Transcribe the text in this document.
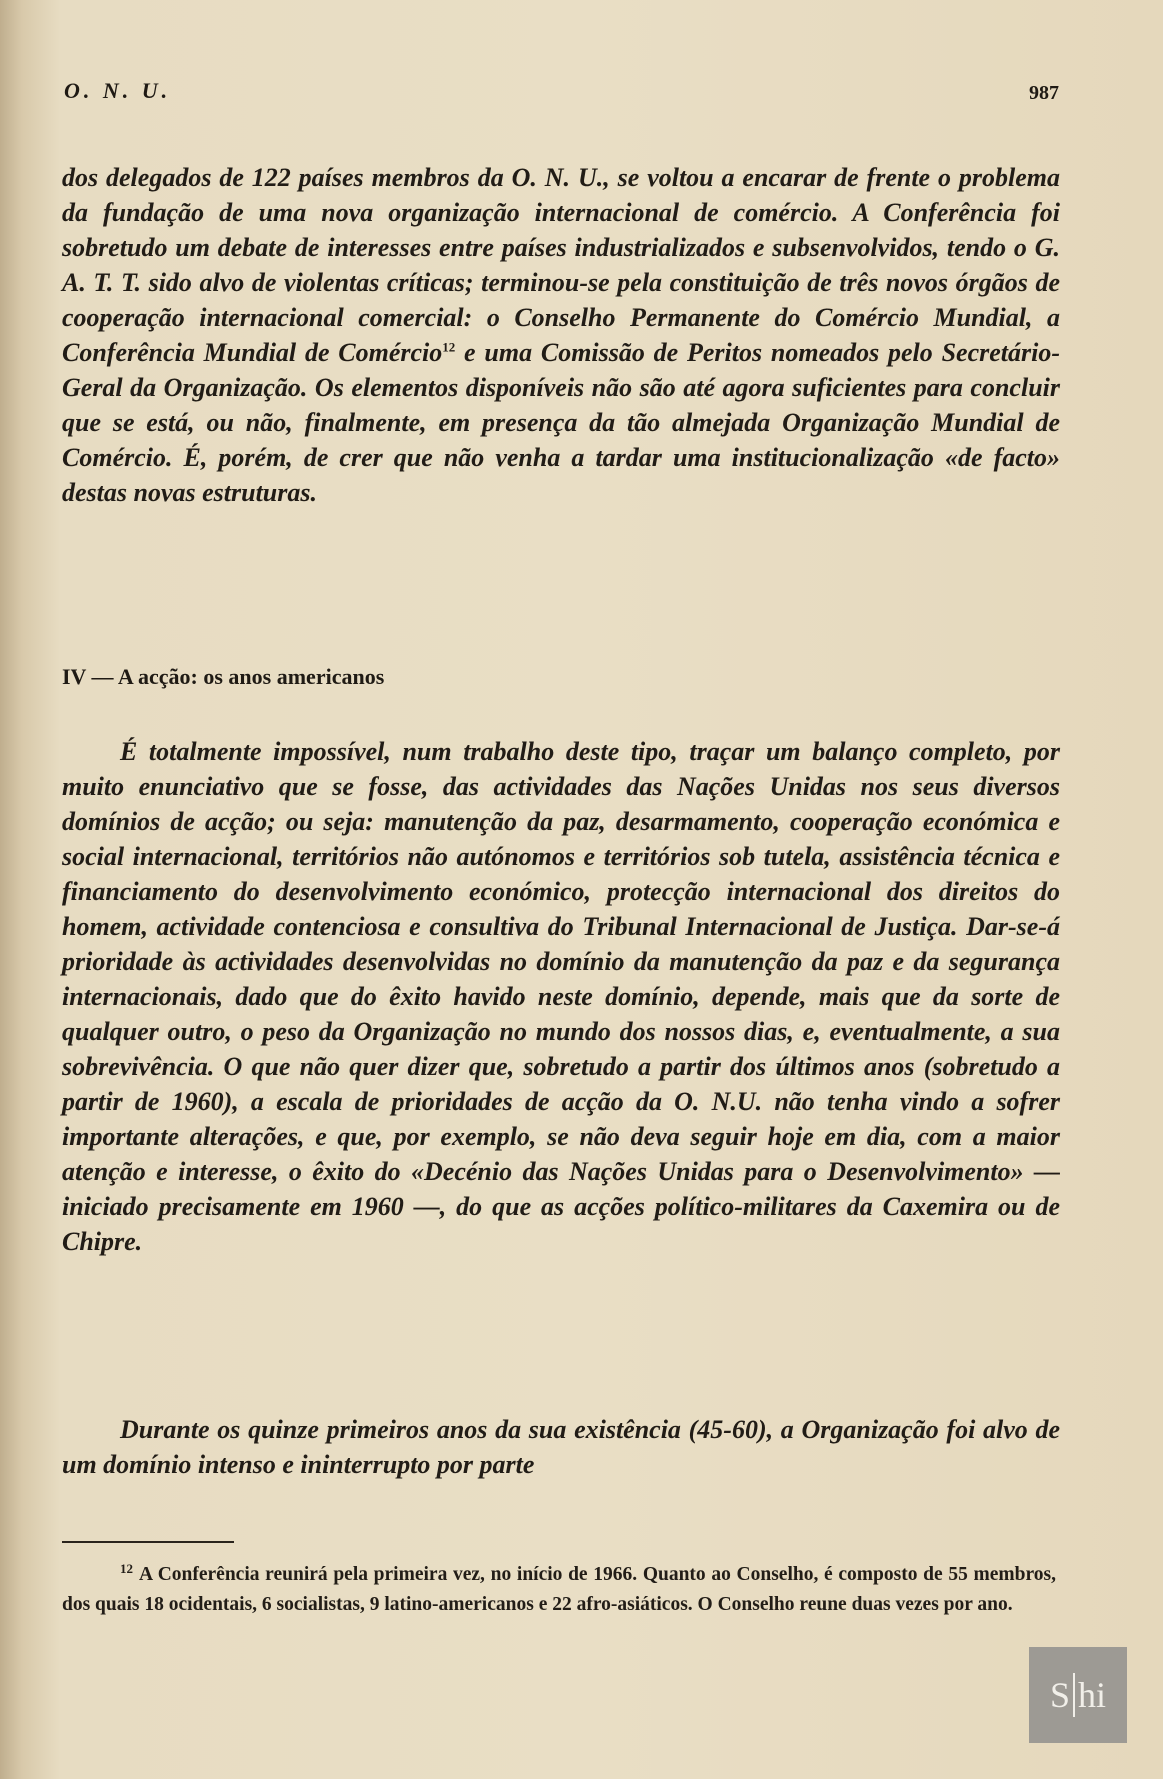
O. N. U.	987

dos delegados de 122 países membros da O. N. U., se voltou a encarar de frente o problema da fundação de uma nova organização internacional de comércio. A Conferência foi sobretudo um debate de interesses entre países industrializados e subsenvolvidos, tendo o G. A. T. T. sido alvo de violentas críticas; terminou-se pela constituição de três novos órgãos de cooperação internacional comercial: o Conselho Permanente do Comércio Mundial, a Conferência Mundial de Comércio$^{12}$ e uma Comissão de Peritos nomeados pelo Secretário-Geral da Organização. Os elementos disponíveis não são até agora suficientes para concluir que se está, ou não, finalmente, em presença da tão almejada Organização Mundial de Comércio. É, porém, de crer que não venha a tardar uma institucionalização «de facto» destas novas estruturas.

IV — A acção: os anos americanos

É totalmente impossível, num trabalho deste tipo, traçar um balanço completo, por muito enunciativo que se fosse, das actividades das Nações Unidas nos seus diversos domínios de acção; ou seja: manutenção da paz, desarmamento, cooperação económica e social internacional, territórios não autónomos e territórios sob tutela, assistência técnica e financiamento do desenvolvimento económico, protecção internacional dos direitos do homem, actividade contenciosa e consultiva do Tribunal Internacional de Justiça. Dar-se-á prioridade às actividades desenvolvidas no domínio da manutenção da paz e da segurança internacionais, dado que do êxito havido neste domínio, depende, mais que da sorte de qualquer outro, o peso da Organização no mundo dos nossos dias, e, eventualmente, a sua sobrevivência. O que não quer dizer que, sobretudo a partir dos últimos anos (sobretudo a partir de 1960), a escala de prioridades de acção da O. N.U. não tenha vindo a sofrer importante alterações, e que, por exemplo, se não deva seguir hoje em dia, com a maior atenção e interesse, o êxito do «Decénio das Nações Unidas para o Desenvolvimento» — iniciado precisamente em 1960 —, do que as acções político-militares da Caxemira ou de Chipre.

Durante os quinze primeiros anos da sua existência (45-60), a Organização foi alvo de um domínio intenso e ininterrupto por parte

$^{12}$ A Conferência reunirá pela primeira vez, no início de 1966. Quanto ao Conselho, é composto de 55 membros, dos quais 18 ocidentais, 6 socialistas, 9 latino-americanos e 22 afro-asiáticos. O Conselho reune duas vezes por ano.
S hi
